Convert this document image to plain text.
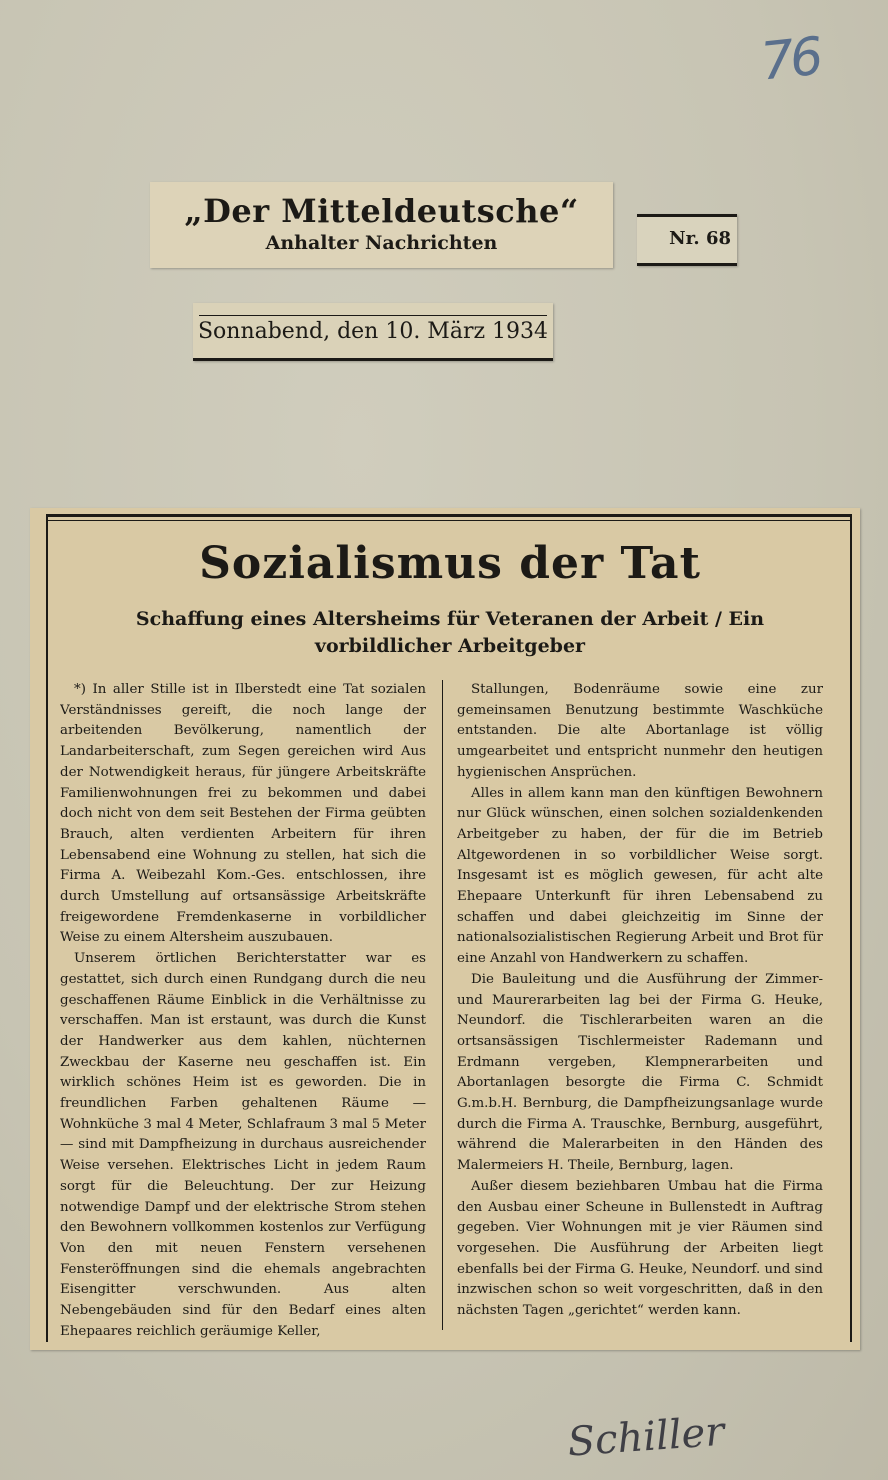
76
„Der Mitteldeutsche“
Anhalter Nachrichten	Nr. 68
Sonnabend, den 10. März 1934
Sozialismus der Tat
Schaffung eines Altersheims für Veteranen der Arbeit / Ein vorbildlicher Arbeitgeber

*) In aller Stille ist in Ilberstedt eine Tat sozialen Verständnisses gereift, die noch lange der arbeitenden Bevölkerung, namentlich der Landarbeiterschaft, zum Segen gereichen wird Aus der Notwendigkeit heraus, für jüngere Arbeitskräfte Familienwohnungen frei zu bekommen und dabei doch nicht von dem seit Bestehen der Firma geübten Brauch, alten verdienten Arbeitern für ihren Lebensabend eine Wohnung zu stellen, hat sich die Firma A. Weibezahl Kom.-Ges. entschlossen, ihre durch Umstellung auf ortsansässige Arbeitskräfte freigewordene Fremdenkaserne in vorbildlicher Weise zu einem Altersheim auszubauen.

Unserem örtlichen Berichterstatter war es gestattet, sich durch einen Rundgang durch die neu geschaffenen Räume Einblick in die Verhältnisse zu verschaffen. Man ist erstaunt, was durch die Kunst der Handwerker aus dem kahlen, nüchternen Zweckbau der Kaserne neu geschaffen ist. Ein wirklich schönes Heim ist es geworden. Die in freundlichen Farben gehaltenen Räume — Wohnküche 3 mal 4 Meter, Schlafraum 3 mal 5 Meter — sind mit Dampfheizung in durchaus ausreichender Weise versehen. Elektrisches Licht in jedem Raum sorgt für die Beleuchtung. Der zur Heizung notwendige Dampf und der elektrische Strom stehen den Bewohnern vollkommen kostenlos zur Verfügung Von den mit neuen Fenstern versehenen Fensteröffnungen sind die ehemals angebrachten Eisengitter verschwunden. Aus alten Nebengebäuden sind für den Bedarf eines alten Ehepaares reichlich geräumige Keller,

Stallungen, Bodenräume sowie eine zur gemeinsamen Benutzung bestimmte Waschküche entstanden. Die alte Abortanlage ist völlig umgearbeitet und entspricht nunmehr den heutigen hygienischen Ansprüchen.

Alles in allem kann man den künftigen Bewohnern nur Glück wünschen, einen solchen sozialdenkenden Arbeitgeber zu haben, der für die im Betrieb Altgewordenen in so vorbildlicher Weise sorgt. Insgesamt ist es möglich gewesen, für acht alte Ehepaare Unterkunft für ihren Lebensabend zu schaffen und dabei gleichzeitig im Sinne der nationalsozialistischen Regierung Arbeit und Brot für eine Anzahl von Handwerkern zu schaffen.

Die Bauleitung und die Ausführung der Zimmer- und Maurerarbeiten lag bei der Firma G. Heuke, Neundorf. die Tischlerarbeiten waren an die ortsansässigen Tischlermeister Rademann und Erdmann vergeben, Klempnerarbeiten und Abortanlagen besorgte die Firma C. Schmidt G.m.b.H. Bernburg, die Dampfheizungsanlage wurde durch die Firma A. Trauschke, Bernburg, ausgeführt, während die Malerarbeiten in den Händen des Malermeiers H. Theile, Bernburg, lagen.

Außer diesem beziehbaren Umbau hat die Firma den Ausbau einer Scheune in Bullenstedt in Auftrag gegeben. Vier Wohnungen mit je vier Räumen sind vorgesehen. Die Ausführung der Arbeiten liegt ebenfalls bei der Firma G. Heuke, Neundorf. und sind inzwischen schon so weit vorgeschritten, daß in den nächsten Tagen „gerichtet“ werden kann.

Schiller
